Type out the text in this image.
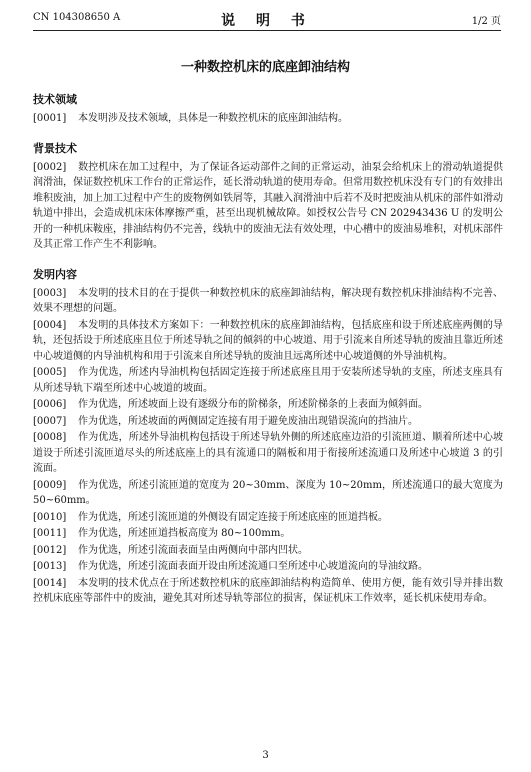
CN 104308650 A	说 明 书	1/2 页
一种数控机床的底座卸油结构
技术领域
[0001] 本发明涉及技术领域，具体是一种数控机床的底座卸油结构。
背景技术
[0002] 数控机床在加工过程中，为了保证各运动部件之间的正常运动，油泵会给机床上的滑动轨道提供润滑油，保证数控机床工作台的正常运作，延长滑动轨道的使用寿命。但常用数控机床没有专门的有效排出堆积废油，加上加工过程中产生的废物例如铁屑等，其融入润滑油中后若不及时把废油从机床的部件如滑动轨道中排出，会造成机床床体摩擦严重，甚至出现机械故障。如授权公告号 CN 202943436 U 的发明公开的一种机床鞍座，排油结构仍不完善，线轨中的废油无法有效处理，中心槽中的废油易堆积，对机床部件及其正常工作产生不利影响。
发明内容
[0003] 本发明的技术目的在于提供一种数控机床的底座卸油结构，解决现有数控机床排油结构不完善、效果不理想的问题。
[0004] 本发明的具体技术方案如下：一种数控机床的底座卸油结构，包括底座和设于所述底座两侧的导轨，还包括设于所述底座且位于所述导轨之间的倾斜的中心坡道、用于引流来自所述导轨的废油且靠近所述中心坡道侧的内导油机构和用于引流来自所述导轨的废油且远离所述中心坡道侧的外导油机构。
[0005] 作为优选，所述内导油机构包括固定连接于所述底座且用于安装所述导轨的支座，所述支座具有从所述导轨下端至所述中心坡道的坡面。
[0006] 作为优选，所述坡面上设有逐级分布的阶梯条，所述阶梯条的上表面为倾斜面。
[0007] 作为优选，所述坡面的两侧固定连接有用于避免废油出现错误流向的挡油片。
[0008] 作为优选，所述外导油机构包括设于所述导轨外侧的所述底座边沿的引流匝道、顺着所述中心坡道设于所述引流匝道尽头的所述底座上的具有流通口的隔板和用于衔接所述流通口及所述中心坡道 3 的引流面。
[0009] 作为优选，所述引流匝道的宽度为 20~30mm、深度为 10~20mm，所述流通口的最大宽度为 50~60mm。
[0010] 作为优选，所述引流匝道的外侧设有固定连接于所述底座的匝道挡板。
[0011] 作为优选，所述匝道挡板高度为 80~100mm。
[0012] 作为优选，所述引流面表面呈由两侧向中部内凹状。
[0013] 作为优选，所述引流面表面开设由所述流通口至所述中心坡道流向的导油纹路。
[0014] 本发明的技术优点在于所述数控机床的底座卸油结构构造简单、使用方便，能有效引导并排出数控机床底座等部件中的废油，避免其对所述导轨等部位的损害，保证机床工作效率，延长机床使用寿命。
3
